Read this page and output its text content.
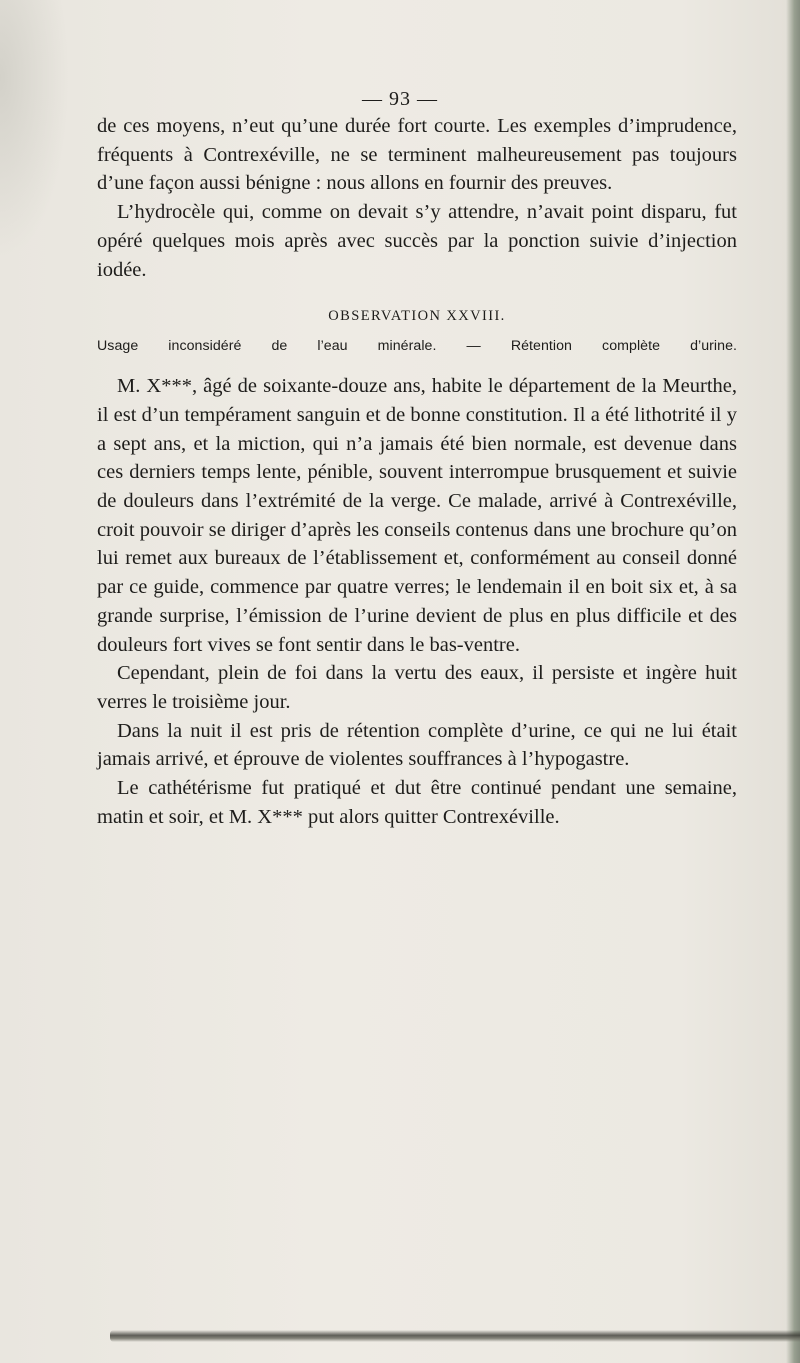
— 93 —

de ces moyens, n’eut qu’une durée fort courte. Les exemples d’imprudence, fréquents à Contrexéville, ne se terminent malheureusement pas toujours d’une façon aussi bénigne : nous allons en fournir des preuves.

L’hydrocèle qui, comme on devait s’y attendre, n’avait point disparu, fut opéré quelques mois après avec succès par la ponction suivie d’injection iodée.

OBSERVATION XXVIII.

Usage inconsidéré de l’eau minérale. — Rétention complète d’urine.

M. X***, âgé de soixante-douze ans, habite le département de la Meurthe, il est d’un tempérament sanguin et de bonne constitution. Il a été lithotrité il y a sept ans, et la miction, qui n’a jamais été bien normale, est devenue dans ces derniers temps lente, pénible, souvent interrompue brusquement et suivie de douleurs dans l’extrémité de la verge. Ce malade, arrivé à Contrexéville, croit pouvoir se diriger d’après les conseils contenus dans une brochure qu’on lui remet aux bureaux de l’établissement et, conformément au conseil donné par ce guide, commence par quatre verres; le lendemain il en boit six et, à sa grande surprise, l’émission de l’urine devient de plus en plus difficile et des douleurs fort vives se font sentir dans le bas-ventre.

Cependant, plein de foi dans la vertu des eaux, il persiste et ingère huit verres le troisième jour.

Dans la nuit il est pris de rétention complète d’urine, ce qui ne lui était jamais arrivé, et éprouve de violentes souffrances à l’hypogastre.

Le cathétérisme fut pratiqué et dut être continué pendant une semaine, matin et soir, et M. X*** put alors quitter Contrexéville.
